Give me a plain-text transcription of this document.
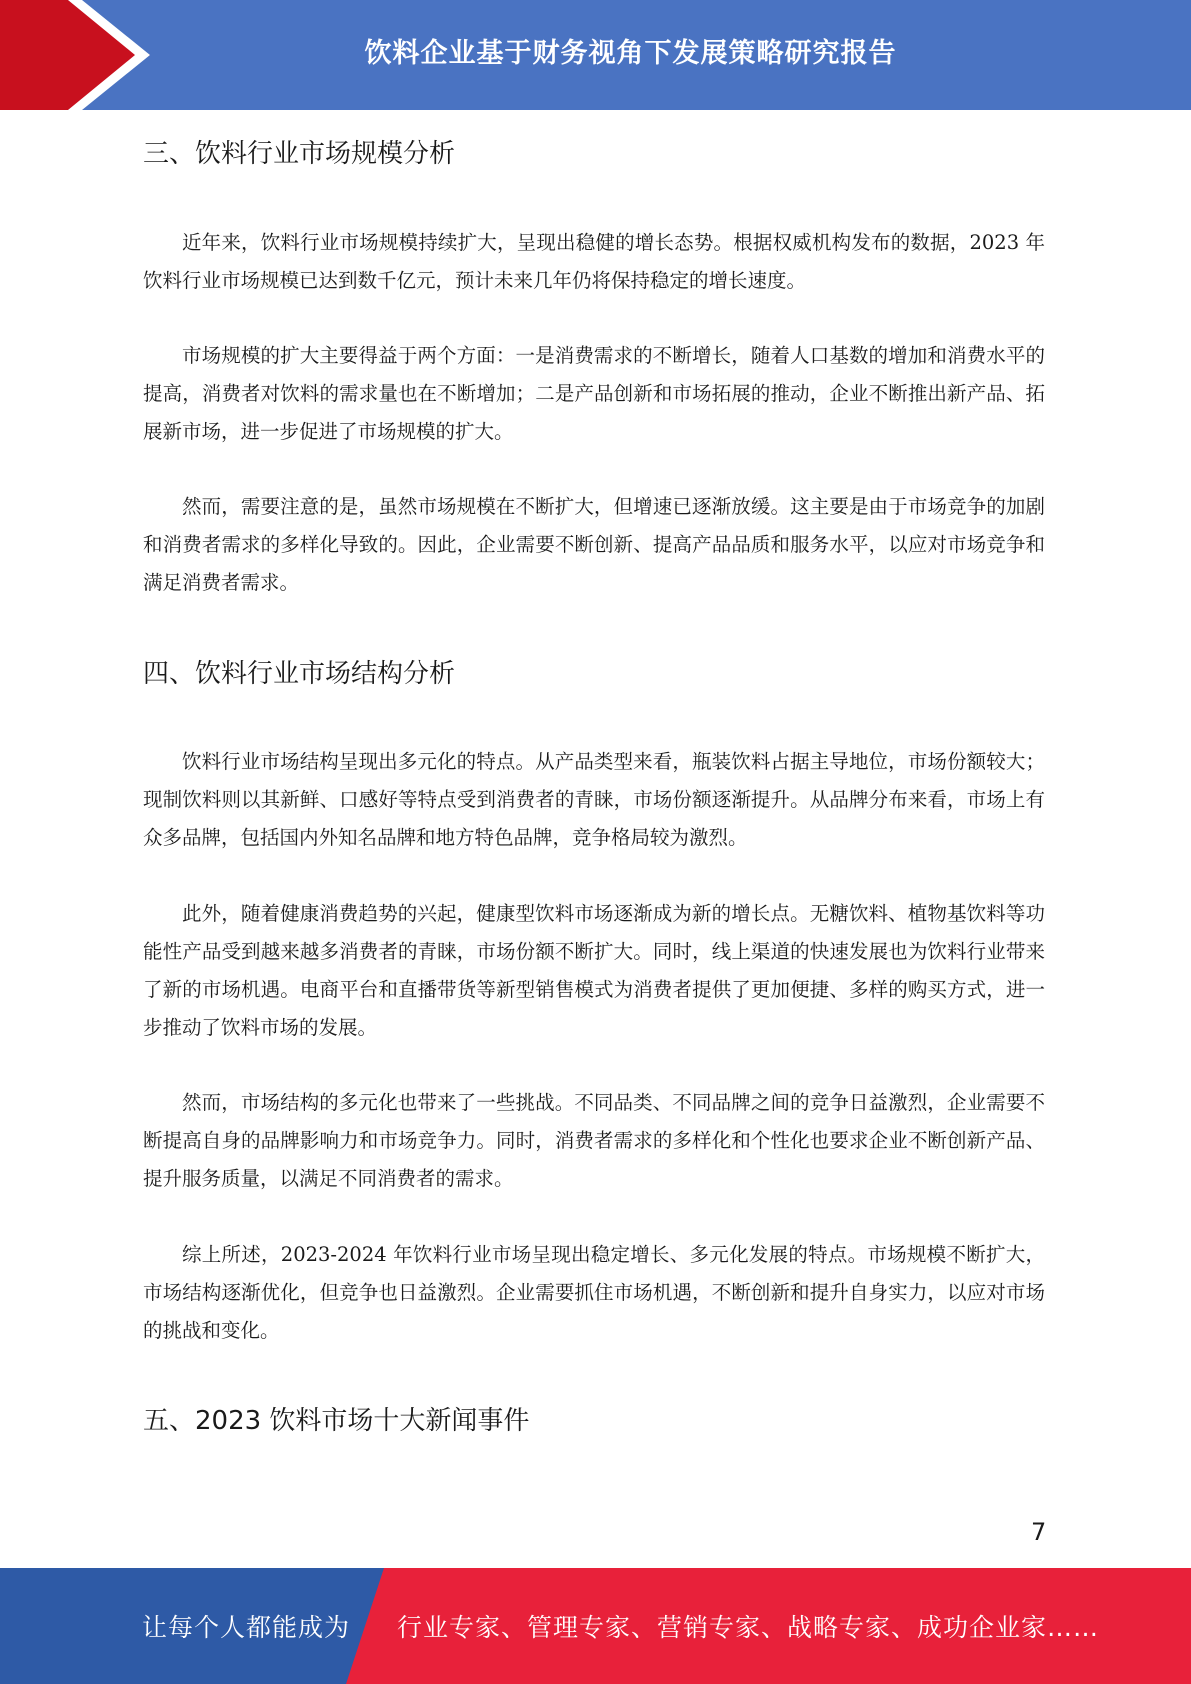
饮料企业基于财务视角下发展策略研究报告
三、饮料行业市场规模分析

近年来，饮料行业市场规模持续扩大，呈现出稳健的增长态势。根据权威机构发布的数据，2023 年饮料行业市场规模已达到数千亿元，预计未来几年仍将保持稳定的增长速度。

市场规模的扩大主要得益于两个方面：一是消费需求的不断增长，随着人口基数的增加和消费水平的提高，消费者对饮料的需求量也在不断增加；二是产品创新和市场拓展的推动，企业不断推出新产品、拓展新市场，进一步促进了市场规模的扩大。

然而，需要注意的是，虽然市场规模在不断扩大，但增速已逐渐放缓。这主要是由于市场竞争的加剧和消费者需求的多样化导致的。因此，企业需要不断创新、提高产品品质和服务水平，以应对市场竞争和满足消费者需求。

四、饮料行业市场结构分析

饮料行业市场结构呈现出多元化的特点。从产品类型来看，瓶装饮料占据主导地位，市场份额较大；现制饮料则以其新鲜、口感好等特点受到消费者的青睐，市场份额逐渐提升。从品牌分布来看，市场上有众多品牌，包括国内外知名品牌和地方特色品牌，竞争格局较为激烈。

此外，随着健康消费趋势的兴起，健康型饮料市场逐渐成为新的增长点。无糖饮料、植物基饮料等功能性产品受到越来越多消费者的青睐，市场份额不断扩大。同时，线上渠道的快速发展也为饮料行业带来了新的市场机遇。电商平台和直播带货等新型销售模式为消费者提供了更加便捷、多样的购买方式，进一步推动了饮料市场的发展。

然而，市场结构的多元化也带来了一些挑战。不同品类、不同品牌之间的竞争日益激烈，企业需要不断提高自身的品牌影响力和市场竞争力。同时，消费者需求的多样化和个性化也要求企业不断创新产品、提升服务质量，以满足不同消费者的需求。

综上所述，2023-2024 年饮料行业市场呈现出稳定增长、多元化发展的特点。市场规模不断扩大，市场结构逐渐优化，但竞争也日益激烈。企业需要抓住市场机遇，不断创新和提升自身实力，以应对市场的挑战和变化。

五、2023 饮料市场十大新闻事件
7
让每个人都能成为 行业专家、管理专家、营销专家、战略专家、成功企业家……
